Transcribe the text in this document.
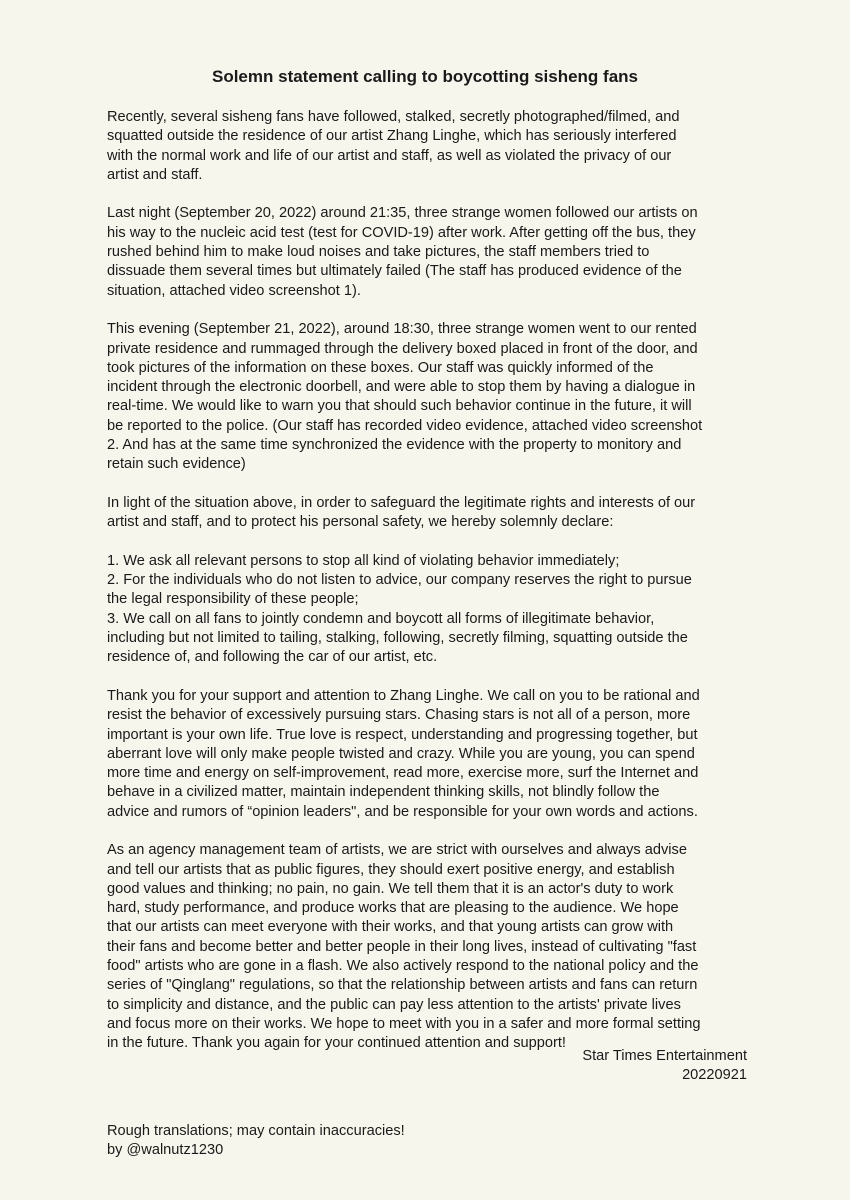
Solemn statement calling to boycotting sisheng fans

Recently, several sisheng fans have followed, stalked, secretly photographed/filmed, and
squatted outside the residence of our artist Zhang Linghe, which has seriously interfered
with the normal work and life of our artist and staff, as well as violated the privacy of our
artist and staff.

Last night (September 20, 2022) around 21:35, three strange women followed our artists on
his way to the nucleic acid test (test for COVID-19) after work. After getting off the bus, they
rushed behind him to make loud noises and take pictures, the staff members tried to
dissuade them several times but ultimately failed (The staff has produced evidence of the
situation, attached video screenshot 1).

This evening (September 21, 2022), around 18:30, three strange women went to our rented
private residence and rummaged through the delivery boxed placed in front of the door, and
took pictures of the information on these boxes. Our staff was quickly informed of the
incident through the electronic doorbell, and were able to stop them by having a dialogue in
real-time. We would like to warn you that should such behavior continue in the future, it will
be reported to the police. (Our staff has recorded video evidence, attached video screenshot
2. And has at the same time synchronized the evidence with the property to monitory and
retain such evidence)

In light of the situation above, in order to safeguard the legitimate rights and interests of our
artist and staff, and to protect his personal safety, we hereby solemnly declare:

1. We ask all relevant persons to stop all kind of violating behavior immediately;
2. For the individuals who do not listen to advice, our company reserves the right to pursue
the legal responsibility of these people;
3. We call on all fans to jointly condemn and boycott all forms of illegitimate behavior,
including but not limited to tailing, stalking, following, secretly filming, squatting outside the
residence of, and following the car of our artist, etc.

Thank you for your support and attention to Zhang Linghe. We call on you to be rational and
resist the behavior of excessively pursuing stars. Chasing stars is not all of a person, more
important is your own life. True love is respect, understanding and progressing together, but
aberrant love will only make people twisted and crazy. While you are young, you can spend
more time and energy on self-improvement, read more, exercise more, surf the Internet and
behave in a civilized matter, maintain independent thinking skills, not blindly follow the
advice and rumors of “opinion leaders", and be responsible for your own words and actions.

As an agency management team of artists, we are strict with ourselves and always advise
and tell our artists that as public figures, they should exert positive energy, and establish
good values and thinking; no pain, no gain. We tell them that it is an actor's duty to work
hard, study performance, and produce works that are pleasing to the audience. We hope
that our artists can meet everyone with their works, and that young artists can grow with
their fans and become better and better people in their long lives, instead of cultivating "fast
food" artists who are gone in a flash. We also actively respond to the national policy and the
series of "Qinglang" regulations, so that the relationship between artists and fans can return
to simplicity and distance, and the public can pay less attention to the artists' private lives
and focus more on their works. We hope to meet with you in a safer and more formal setting
in the future. Thank you again for your continued attention and support!

Star Times Entertainment
20220921
Rough translations; may contain inaccuracies!
by @walnutz1230
